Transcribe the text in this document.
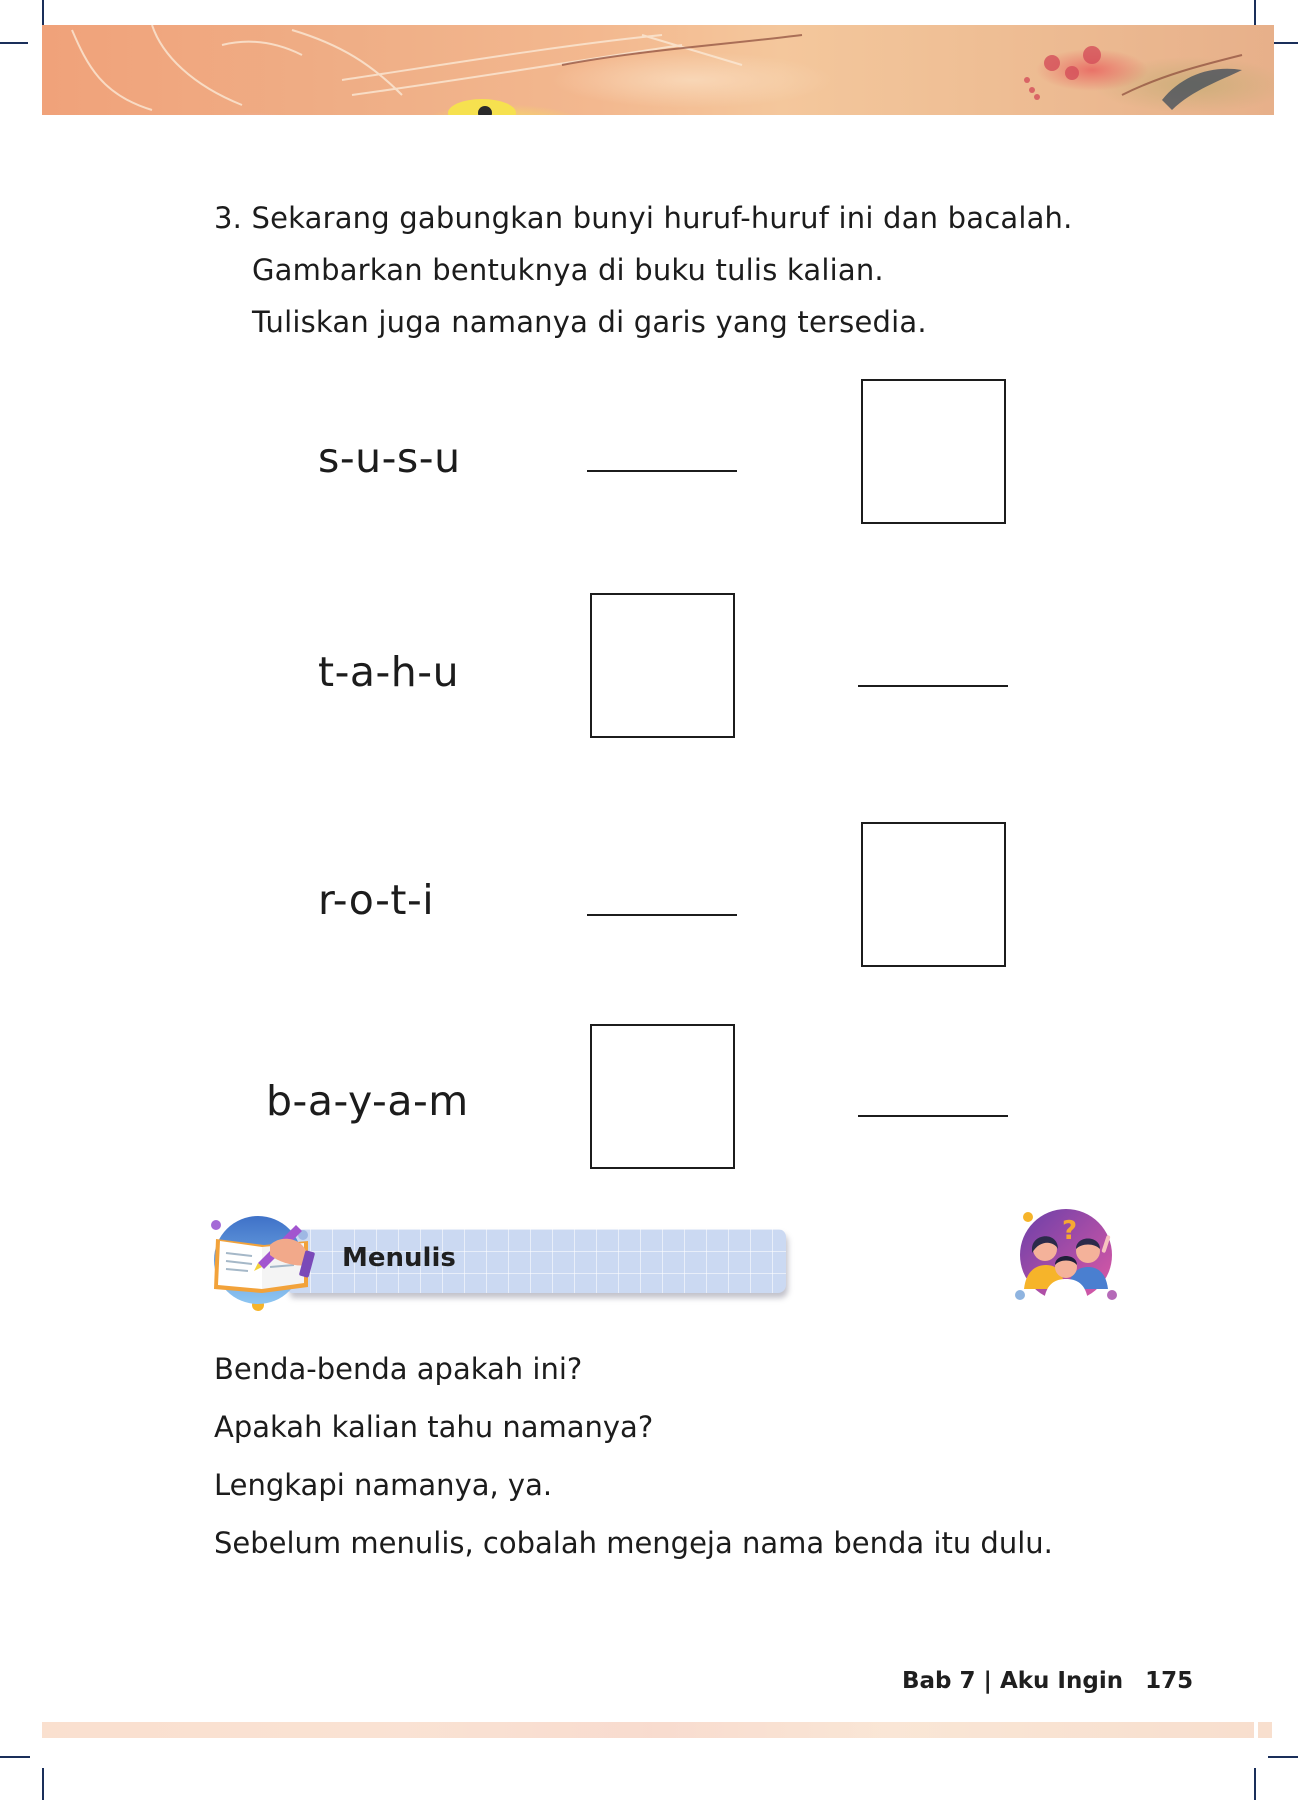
3. Sekarang gabungkan bunyi huruf-huruf ini dan bacalah.
Gambarkan bentuknya di buku tulis kalian.
Tuliskan juga namanya di garis yang tersedia.
s-u-s-u
t-a-h-u
r-o-t-i
b-a-y-a-m
Menulis
?
Benda-benda apakah ini?
Apakah kalian tahu namanya?
Lengkapi namanya, ya.
Sebelum menulis, cobalah mengeja nama benda itu dulu.
Bab 7 | Aku Ingin 175
